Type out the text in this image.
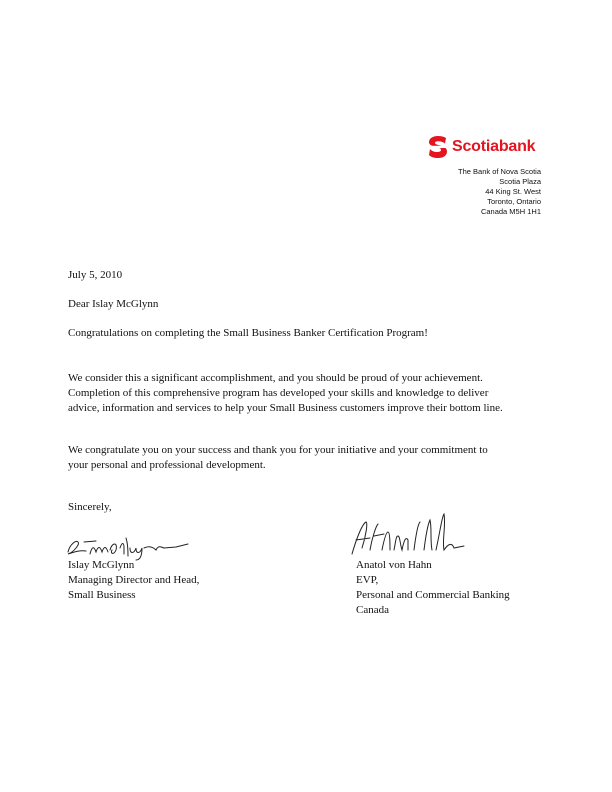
Scotiabank
The Bank of Nova Scotia
Scotia Plaza
44 King St. West
Toronto, Ontario
Canada M5H 1H1
July 5, 2010
Dear Islay McGlynn
Congratulations on completing the Small Business Banker Certification Program!
We consider this a significant accomplishment, and you should be proud of your achievement.
Completion of this comprehensive program has developed your skills and knowledge to deliver
advice, information and services to help your Small Business customers improve their bottom line.
We congratulate you on your success and thank you for your initiative and your commitment to
your personal and professional development.
Sincerely,
Islay McGlynn
Managing Director and Head,
Small Business
Anatol von Hahn
EVP,
Personal and Commercial Banking
Canada
